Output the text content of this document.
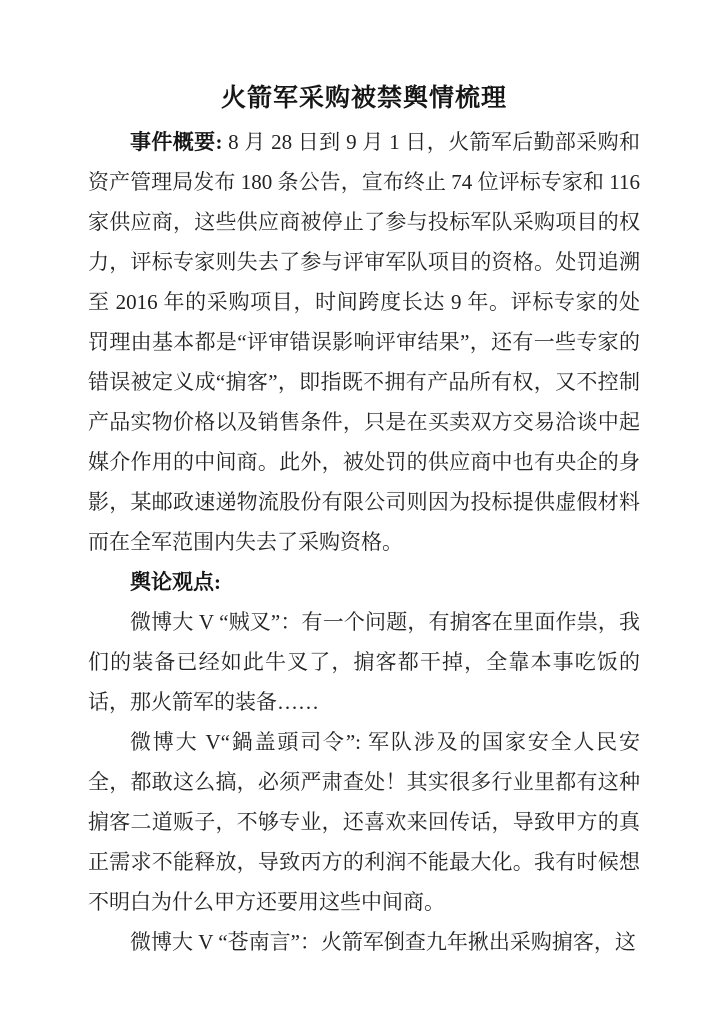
火箭军采购被禁舆情梳理

事件概要: 8 月 28 日到 9 月 1 日，火箭军后勤部采购和资产管理局发布 180 条公告，宣布终止 74 位评标专家和 116 家供应商，这些供应商被停止了参与投标军队采购项目的权力，评标专家则失去了参与评审军队项目的资格。处罚追溯至 2016 年的采购项目，时间跨度长达 9 年。评标专家的处罚理由基本都是“评审错误影响评审结果”，还有一些专家的错误被定义成“掮客”，即指既不拥有产品所有权，又不控制产品实物价格以及销售条件，只是在买卖双方交易洽谈中起媒介作用的中间商。此外，被处罚的供应商中也有央企的身影，某邮政速递物流股份有限公司则因为投标提供虚假材料而在全军范围内失去了采购资格。

舆论观点:

微博大 V “贼叉”：有一个问题，有掮客在里面作祟，我们的装备已经如此牛叉了，掮客都干掉，全靠本事吃饭的话，那火箭军的装备……

微博大 V“鍋盖頭司令”: 军队涉及的国家安全人民安全，都敢这么搞，必须严肃查处！其实很多行业里都有这种掮客二道贩子，不够专业，还喜欢来回传话，导致甲方的真正需求不能释放，导致丙方的利润不能最大化。我有时候想不明白为什么甲方还要用这些中间商。

微博大 V “苍南言”：火箭军倒查九年揪出采购掮客，这
